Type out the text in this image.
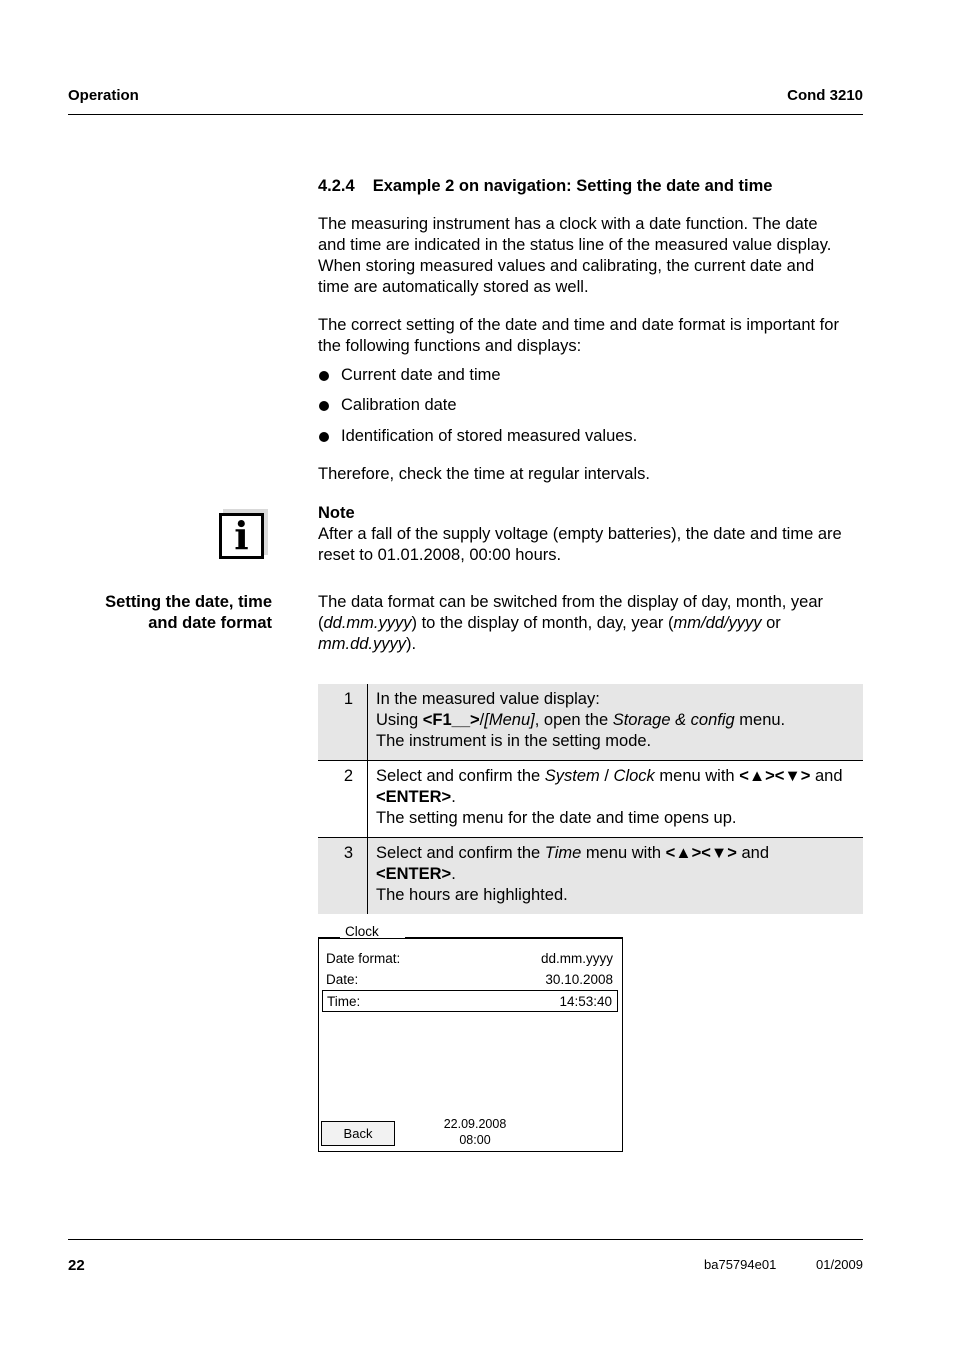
Operation	Cond 3210
4.2.4 Example 2 on navigation: Setting the date and time
The measuring instrument has a clock with a date function. The date
and time are indicated in the status line of the measured value display.
When storing measured values and calibrating, the current date and
time are automatically stored as well.
The correct setting of the date and time and date format is important for
the following functions and displays:
Current date and time
Calibration date
Identification of stored measured values.
Therefore, check the time at regular intervals.
i	Note
After a fall of the supply voltage (empty batteries), the date and time are
reset to 01.01.2008, 00:00 hours.
Setting the date, time
and date format
The data format can be switched from the display of day, month, year
(dd.mm.yyyy) to the display of month, day, year (mm/dd/yyyy or
mm.dd.yyyy).
1	In the measured value display:
Using <F1__>/[Menu], open the Storage & config menu.
The instrument is in the setting mode.

2	Select and confirm the System / Clock menu with <▲><▼> and
<ENTER>.
The setting menu for the date and time opens up.

3	Select and confirm the Time menu with <▲><▼> and
<ENTER>.
The hours are highlighted.
Clock
Date format:	dd.mm.yyyy
Date:	30.10.2008
Time:	14:53:40
Back
22.09.2008
08:00
22	ba75794e01	01/2009
